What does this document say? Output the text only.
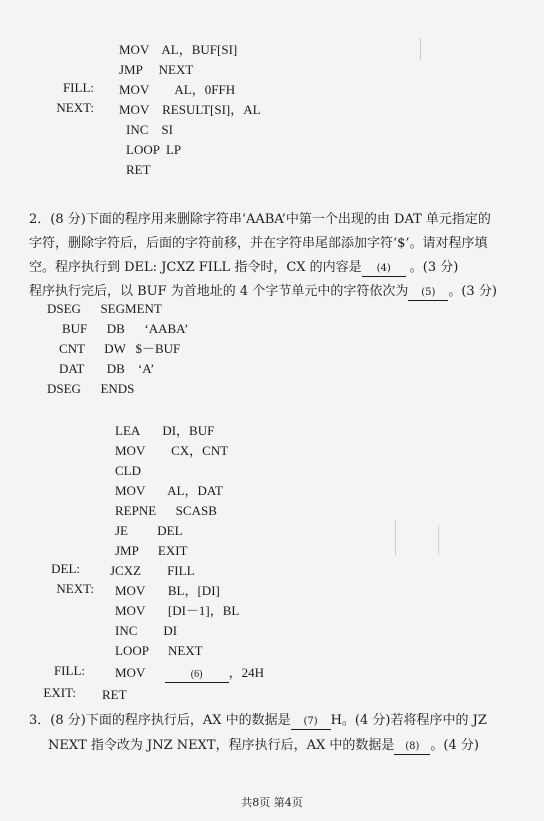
MOV AL，BUF[SI]
JMP NEXT
FILL: MOV AL，0FFH
NEXT: MOV RESULT[SI]，AL
INC SI
LOOP LP
RET
2．(8 分)下面的程序用来删除字符串‘AABA’中第一个出现的由 DAT 单元指定的
字符，删除字符后，后面的字符前移，并在字符串尾部添加字符‘$’。请对程序填
空。程序执行到 DEL: JCXZ FILL 指令时，CX 的内容是 (4) 。(3 分)
程序执行完后，以 BUF 为首地址的 4 个字节单元中的字符依次为 (5) 。(3 分)
DSEG SEGMENT
BUF DB ‘AABA’
CNT DW $－BUF
DAT DB ‘A’
DSEG ENDS
LEA DI，BUF
MOV CX，CNT
CLD
MOV AL，DAT
REPNE SCASB
JE DEL
JMP EXIT
DEL: JCXZ FILL
NEXT: MOV BL，[DI]
MOV [DI－1]，BL
INC DI
LOOP NEXT
FILL: MOV	(6) ，24H
EXIT: RET
3．(8 分)下面的程序执行后，AX 中的数据是 (7) H。(4 分)若将程序中的 JZ
NEXT 指令改为 JNZ NEXT，程序执行后，AX 中的数据是 (8) 。(4 分)
共8页 第4页
